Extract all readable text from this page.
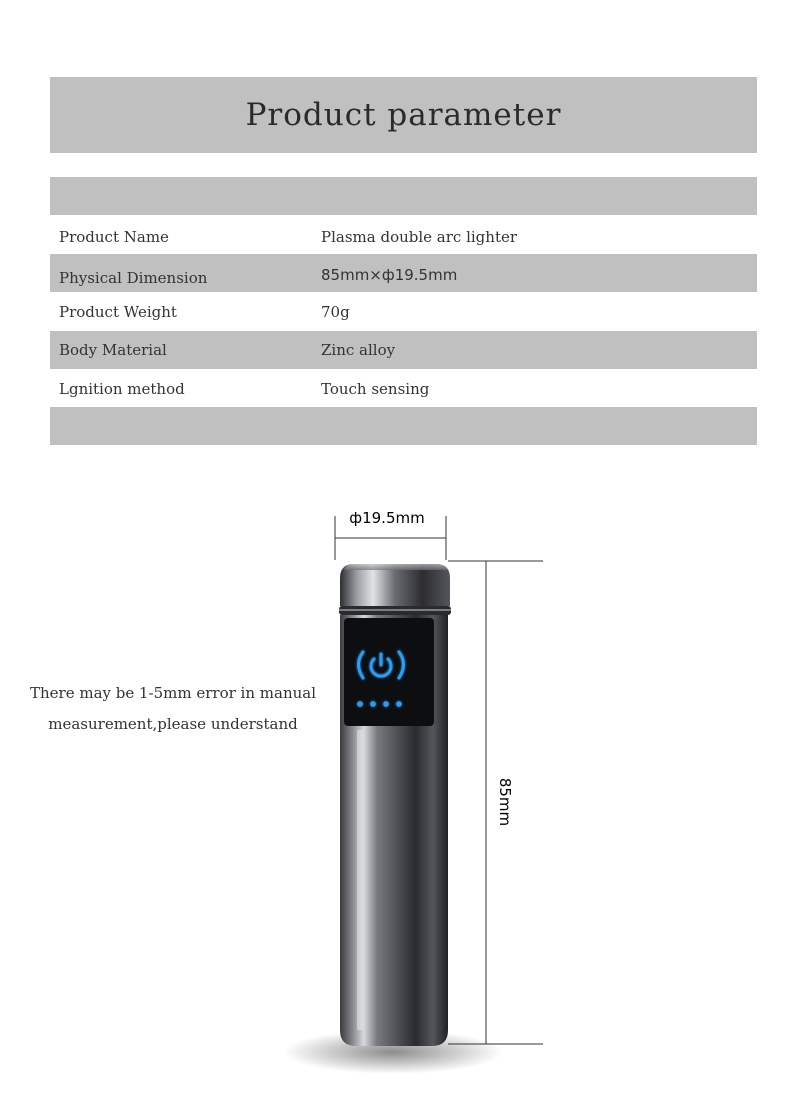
Product parameter
Product Name	Plasma double arc lighter
Physical Dimension	85mm×ф19.5mm
Product Weight	70g
Body Material	Zinc alloy
Lgnition method	Touch sensing
There may be 1-5mm error in manual
measurement,please understand
ф19.5mm
85mm
